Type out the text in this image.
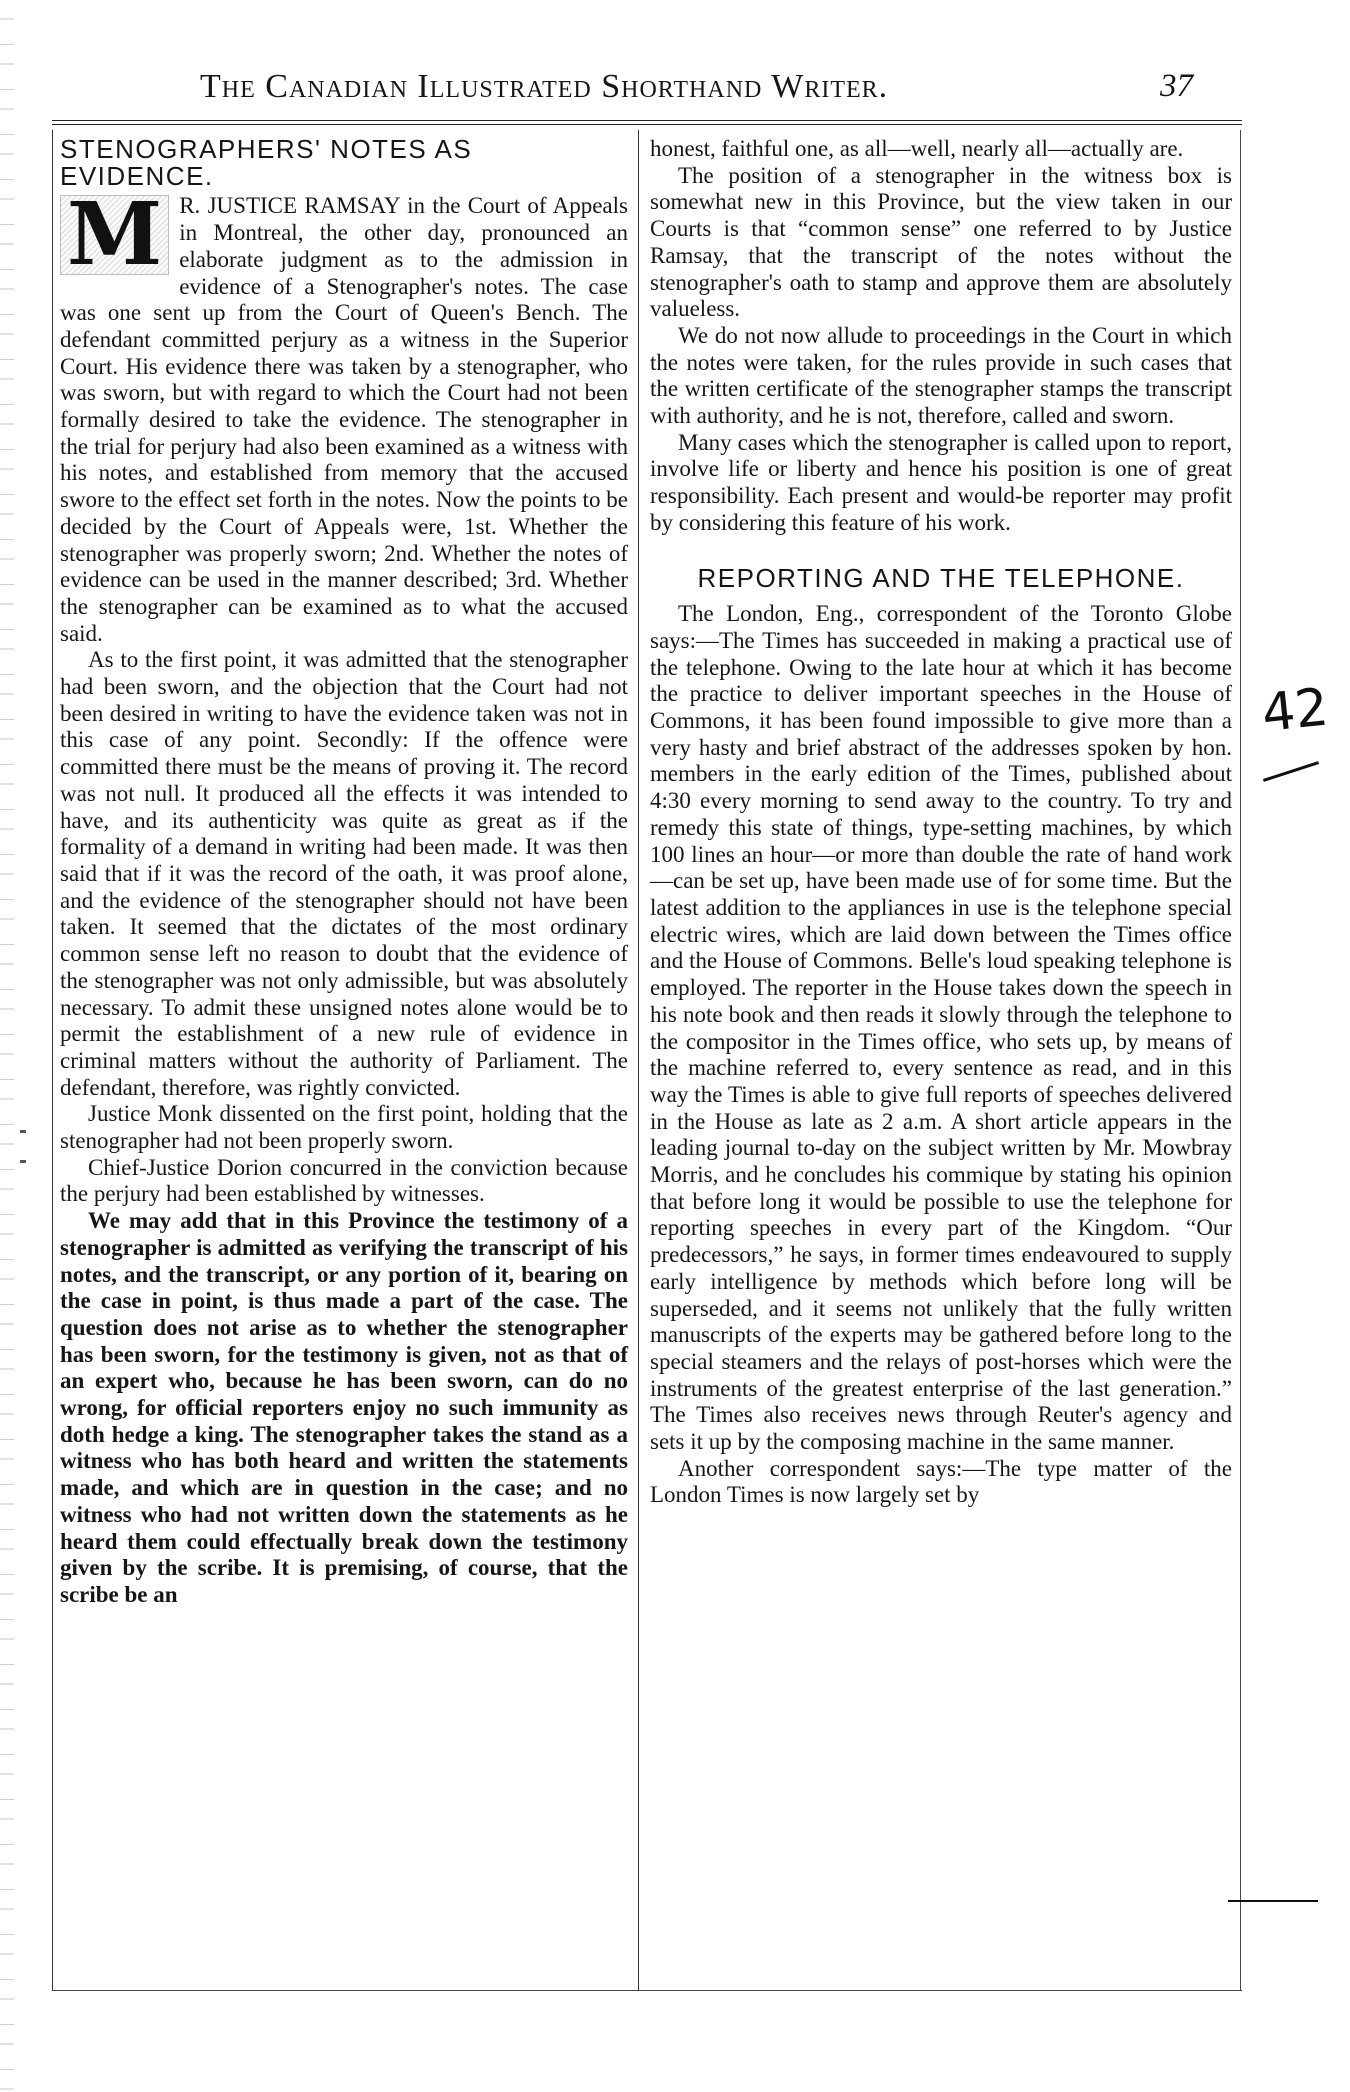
The Canadian Illustrated Shorthand Writer.	37
STENOGRAPHERS' NOTES AS EVIDENCE.

M R. JUSTICE RAMSAY in the Court of Appeals in Montreal, the other day, pronounced an elaborate judgment as to the admission in evidence of a Stenographer's notes. The case was one sent up from the Court of Queen's Bench. The defendant committed perjury as a witness in the Superior Court. His evidence there was taken by a stenographer, who was sworn, but with regard to which the Court had not been formally desired to take the evidence. The stenographer in the trial for perjury had also been examined as a witness with his notes, and established from memory that the accused swore to the effect set forth in the notes. Now the points to be decided by the Court of Appeals were, 1st. Whether the stenographer was properly sworn; 2nd. Whether the notes of evidence can be used in the manner described; 3rd. Whether the stenographer can be examined as to what the accused said.

As to the first point, it was admitted that the stenographer had been sworn, and the objection that the Court had not been desired in writing to have the evidence taken was not in this case of any point. Secondly: If the offence were committed there must be the means of proving it. The record was not null. It produced all the effects it was intended to have, and its authenticity was quite as great as if the formality of a demand in writing had been made. It was then said that if it was the record of the oath, it was proof alone, and the evidence of the stenographer should not have been taken. It seemed that the dictates of the most ordinary common sense left no reason to doubt that the evidence of the stenographer was not only admissible, but was absolutely necessary. To admit these unsigned notes alone would be to permit the establishment of a new rule of evidence in criminal matters without the authority of Parliament. The defendant, therefore, was rightly convicted.

Justice Monk dissented on the first point, holding that the stenographer had not been properly sworn.

Chief-Justice Dorion concurred in the conviction because the perjury had been established by witnesses.

We may add that in this Province the testimony of a stenographer is admitted as verifying the transcript of his notes, and the transcript, or any portion of it, bearing on the case in point, is thus made a part of the case. The question does not arise as to whether the stenographer has been sworn, for the testimony is given, not as that of an expert who, because he has been sworn, can do no wrong, for official reporters enjoy no such immunity as doth hedge a king. The stenographer takes the stand as a witness who has both heard and written the statements made, and which are in question in the case; and no witness who had not written down the statements as he heard them could effectually break down the testimony given by the scribe. It is premising, of course, that the scribe be an

honest, faithful one, as all—well, nearly all—actually are.

The position of a stenographer in the witness box is somewhat new in this Province, but the view taken in our Courts is that “common sense” one referred to by Justice Ramsay, that the transcript of the notes without the stenographer's oath to stamp and approve them are absolutely valueless.

We do not now allude to proceedings in the Court in which the notes were taken, for the rules provide in such cases that the written certificate of the stenographer stamps the transcript with authority, and he is not, therefore, called and sworn.

Many cases which the stenographer is called upon to report, involve life or liberty and hence his position is one of great responsibility. Each present and would-be reporter may profit by considering this feature of his work.

REPORTING AND THE TELEPHONE.

The London, Eng., correspondent of the Toronto Globe says:—The Times has succeeded in making a practical use of the telephone. Owing to the late hour at which it has become the practice to deliver important speeches in the House of Commons, it has been found impossible to give more than a very hasty and brief abstract of the addresses spoken by hon. members in the early edition of the Times, published about 4:30 every morning to send away to the country. To try and remedy this state of things, type-setting machines, by which 100 lines an hour—or more than double the rate of hand work—can be set up, have been made use of for some time. But the latest addition to the appliances in use is the telephone special electric wires, which are laid down between the Times office and the House of Commons. Belle's loud speaking telephone is employed. The reporter in the House takes down the speech in his note book and then reads it slowly through the telephone to the compositor in the Times office, who sets up, by means of the machine referred to, every sentence as read, and in this way the Times is able to give full reports of speeches delivered in the House as late as 2 a.m. A short article appears in the leading journal to-day on the subject written by Mr. Mowbray Morris, and he concludes his commique by stating his opinion that before long it would be possible to use the telephone for reporting speeches in every part of the Kingdom. “Our predecessors,” he says, in former times endeavoured to supply early intelligence by methods which before long will be superseded, and it seems not unlikely that the fully written manuscripts of the experts may be gathered before long to the special steamers and the relays of post-horses which were the instruments of the greatest enterprise of the last generation.” The Times also receives news through Reuter's agency and sets it up by the composing machine in the same manner.

Another correspondent says:—The type matter of the London Times is now largely set by

42
